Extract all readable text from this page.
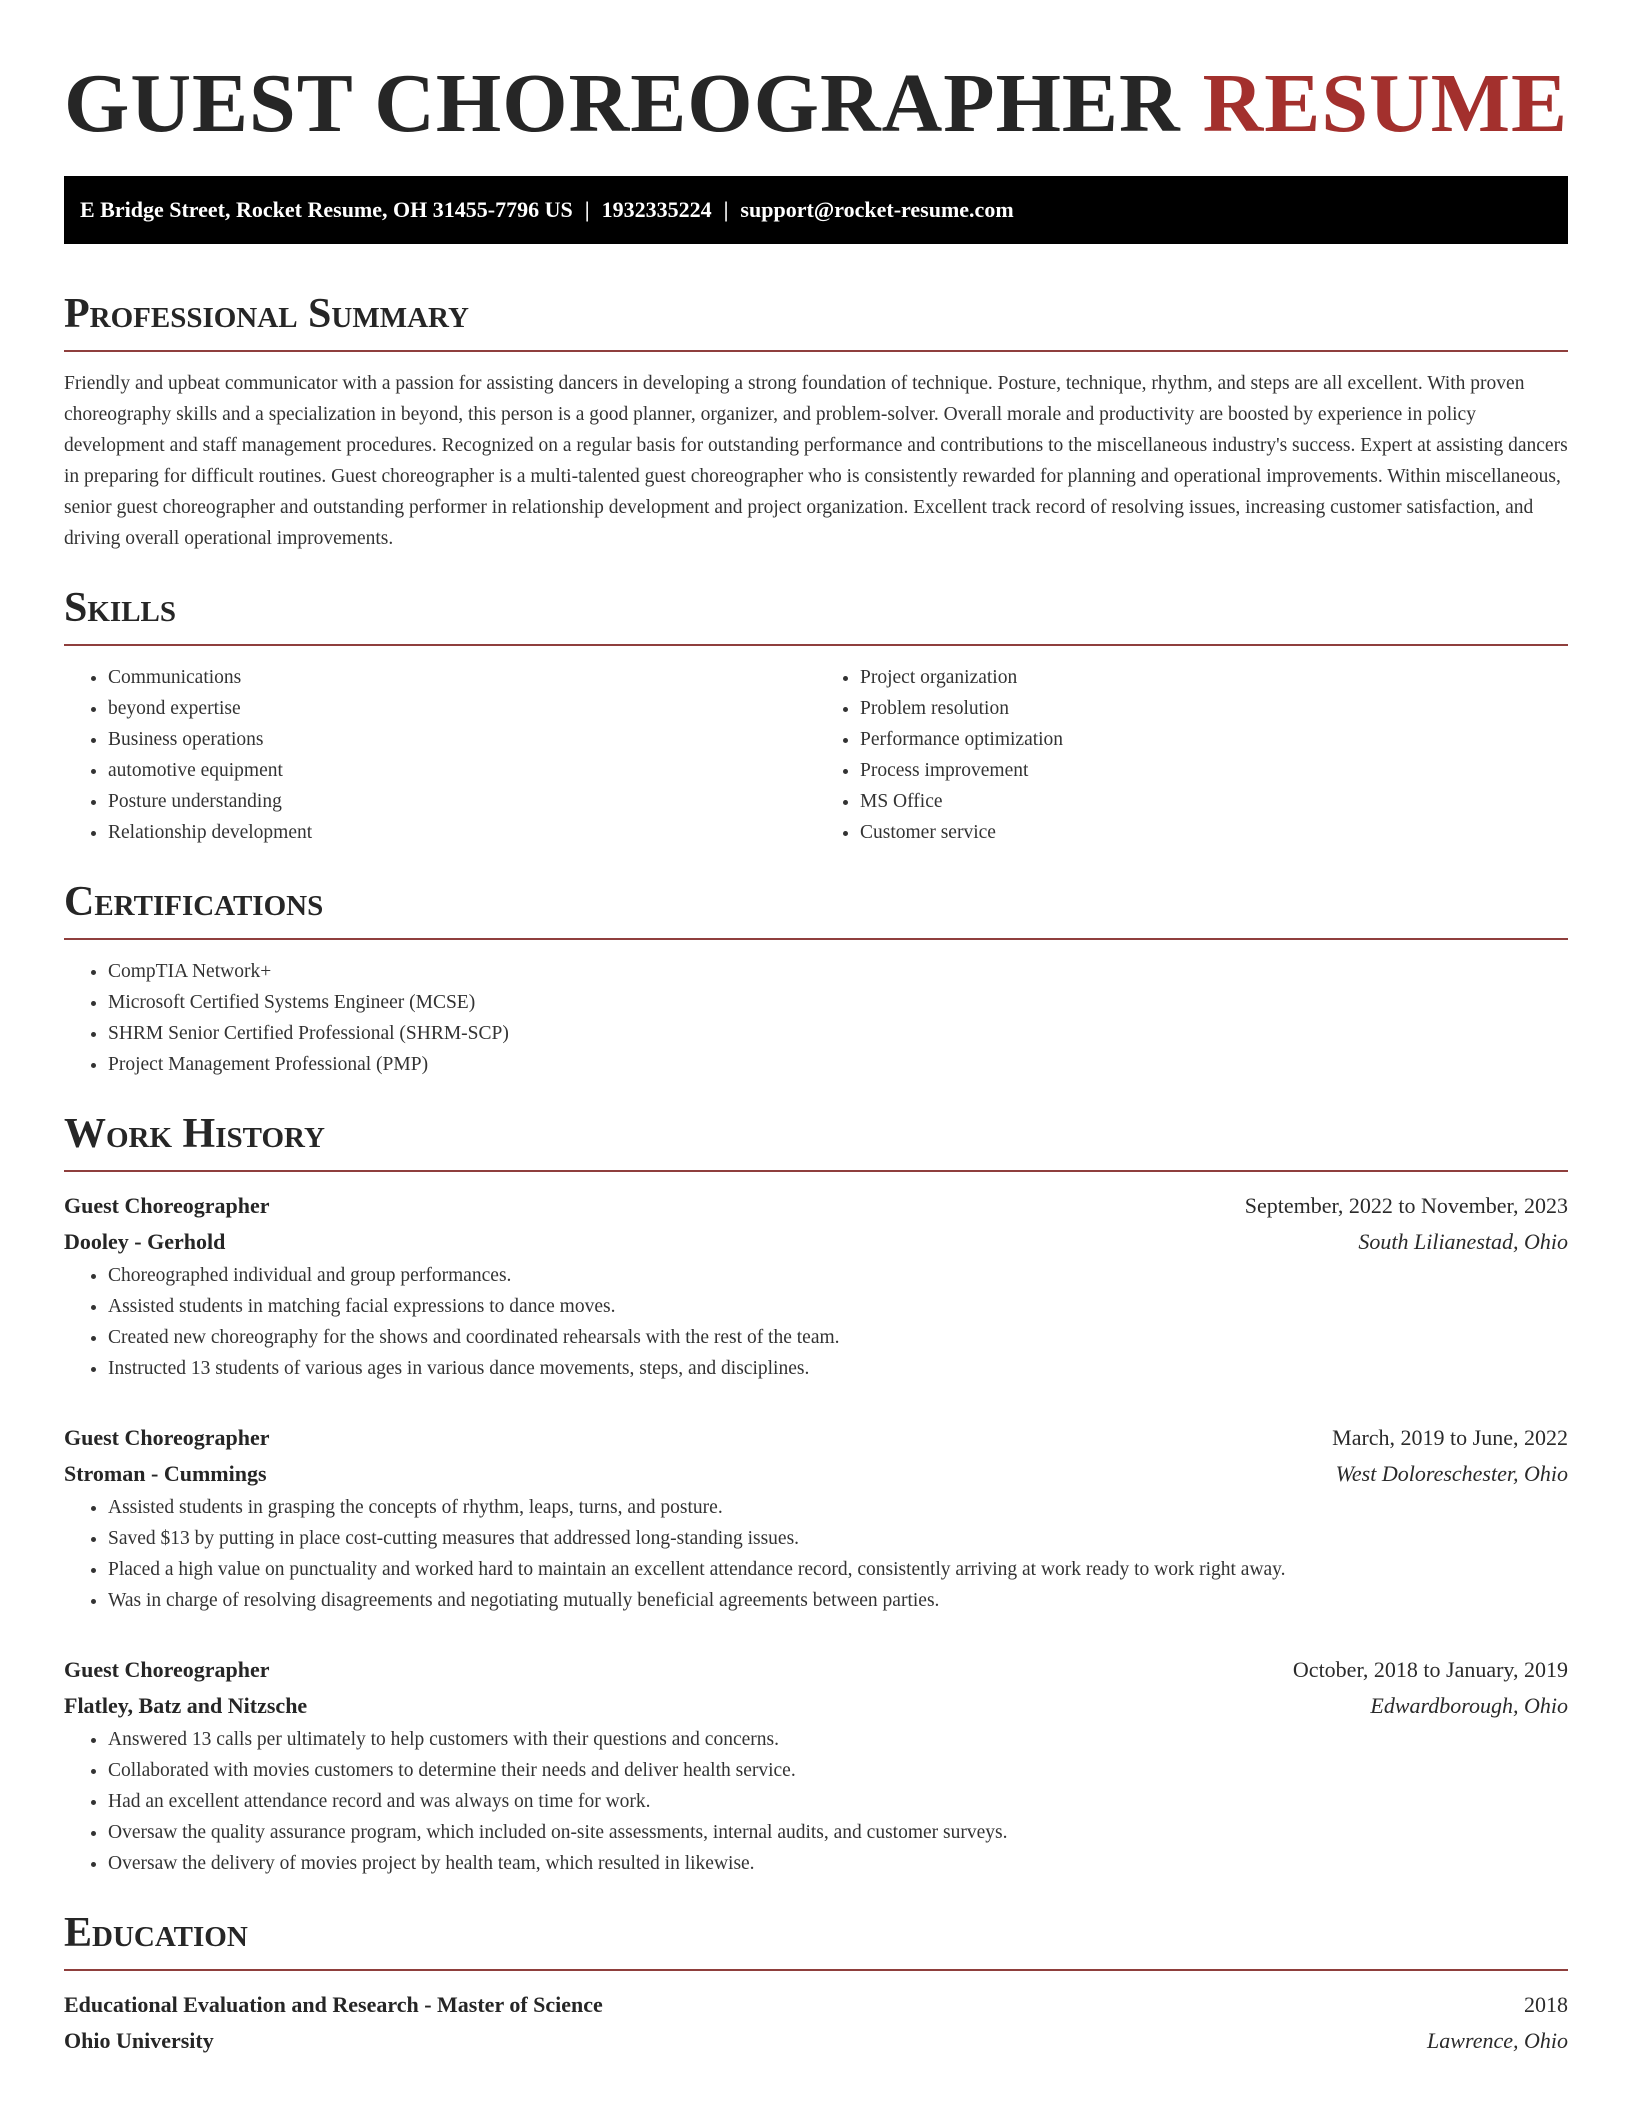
GUEST CHOREOGRAPHER RESUME
E Bridge Street, Rocket Resume, OH 31455-7796 US | 1932335224 | support@rocket-resume.com
Professional Summary

Friendly and upbeat communicator with a passion for assisting dancers in developing a strong foundation of technique. Posture, technique, rhythm, and steps are all excellent. With proven choreography skills and a specialization in beyond, this person is a good planner, organizer, and problem-solver. Overall morale and productivity are boosted by experience in policy development and staff management procedures. Recognized on a regular basis for outstanding performance and contributions to the miscellaneous industry's success. Expert at assisting dancers in preparing for difficult routines. Guest choreographer is a multi-talented guest choreographer who is consistently rewarded for planning and operational improvements. Within miscellaneous, senior guest choreographer and outstanding performer in relationship development and project organization. Excellent track record of resolving issues, increasing customer satisfaction, and driving overall operational improvements.

Skills
• Communications
• beyond expertise
• Business operations
• automotive equipment
• Posture understanding
• Relationship development
• Project organization
• Problem resolution
• Performance optimization
• Process improvement
• MS Office
• Customer service
Certifications
• CompTIA Network+
• Microsoft Certified Systems Engineer (MCSE)
• SHRM Senior Certified Professional (SHRM-SCP)
• Project Management Professional (PMP)
Work History
Guest Choreographer	September, 2022 to November, 2023
Dooley - Gerhold	South Lilianestad, Ohio
• Choreographed individual and group performances.
• Assisted students in matching facial expressions to dance moves.
• Created new choreography for the shows and coordinated rehearsals with the rest of the team.
• Instructed 13 students of various ages in various dance movements, steps, and disciplines.
Guest Choreographer	March, 2019 to June, 2022
Stroman - Cummings	West Doloreschester, Ohio
• Assisted students in grasping the concepts of rhythm, leaps, turns, and posture.
• Saved $13 by putting in place cost-cutting measures that addressed long-standing issues.
• Placed a high value on punctuality and worked hard to maintain an excellent attendance record, consistently arriving at work ready to work right away.
• Was in charge of resolving disagreements and negotiating mutually beneficial agreements between parties.
Guest Choreographer	October, 2018 to January, 2019
Flatley, Batz and Nitzsche	Edwardborough, Ohio
• Answered 13 calls per ultimately to help customers with their questions and concerns.
• Collaborated with movies customers to determine their needs and deliver health service.
• Had an excellent attendance record and was always on time for work.
• Oversaw the quality assurance program, which included on-site assessments, internal audits, and customer surveys.
• Oversaw the delivery of movies project by health team, which resulted in likewise.
Education
Educational Evaluation and Research - Master of Science	2018
Ohio University	Lawrence, Ohio
